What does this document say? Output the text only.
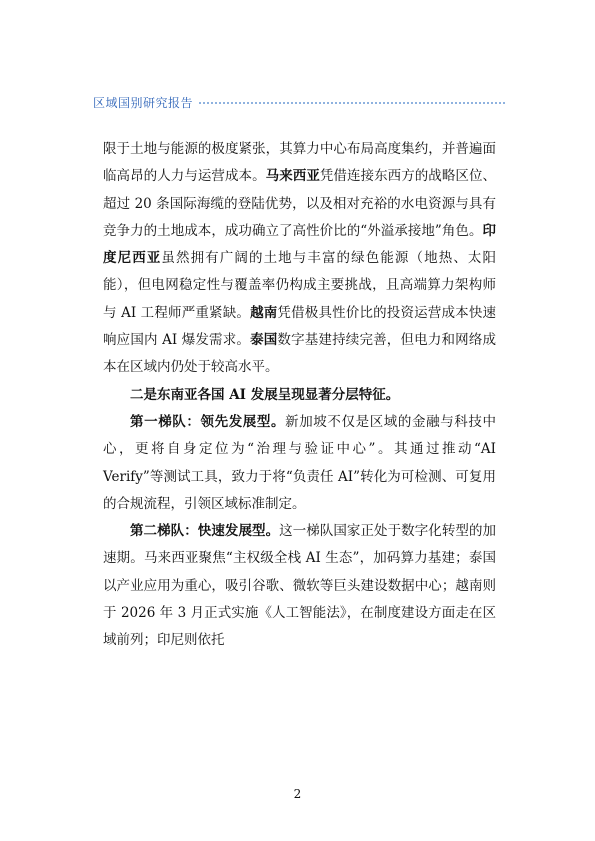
区域国别研究报告

限于土地与能源的极度紧张，其算力中心布局高度集约，并普遍面临高昂的人力与运营成本。马来西亚凭借连接东西方的战略区位、超过 20 条国际海缆的登陆优势，以及相对充裕的水电资源与具有竞争力的土地成本，成功确立了高性价比的“外溢承接地”角色。印度尼西亚虽然拥有广阔的土地与丰富的绿色能源（地热、太阳能），但电网稳定性与覆盖率仍构成主要挑战，且高端算力架构师与 AI 工程师严重紧缺。越南凭借极具性价比的投资运营成本快速响应国内 AI 爆发需求。泰国数字基建持续完善，但电力和网络成本在区域内仍处于较高水平。

二是东南亚各国 AI 发展呈现显著分层特征。

第一梯队：领先发展型。新加坡不仅是区域的金融与科技中心，更将自身定位为“治理与验证中心”。其通过推动“AI Verify”等测试工具，致力于将“负责任 AI”转化为可检测、可复用的合规流程，引领区域标准制定。

第二梯队：快速发展型。这一梯队国家正处于数字化转型的加速期。马来西亚聚焦“主权级全栈 AI 生态”，加码算力基建；泰国以产业应用为重心，吸引谷歌、微软等巨头建设数据中心；越南则于 2026 年 3 月正式实施《人工智能法》，在制度建设方面走在区域前列；印尼则依托

2
